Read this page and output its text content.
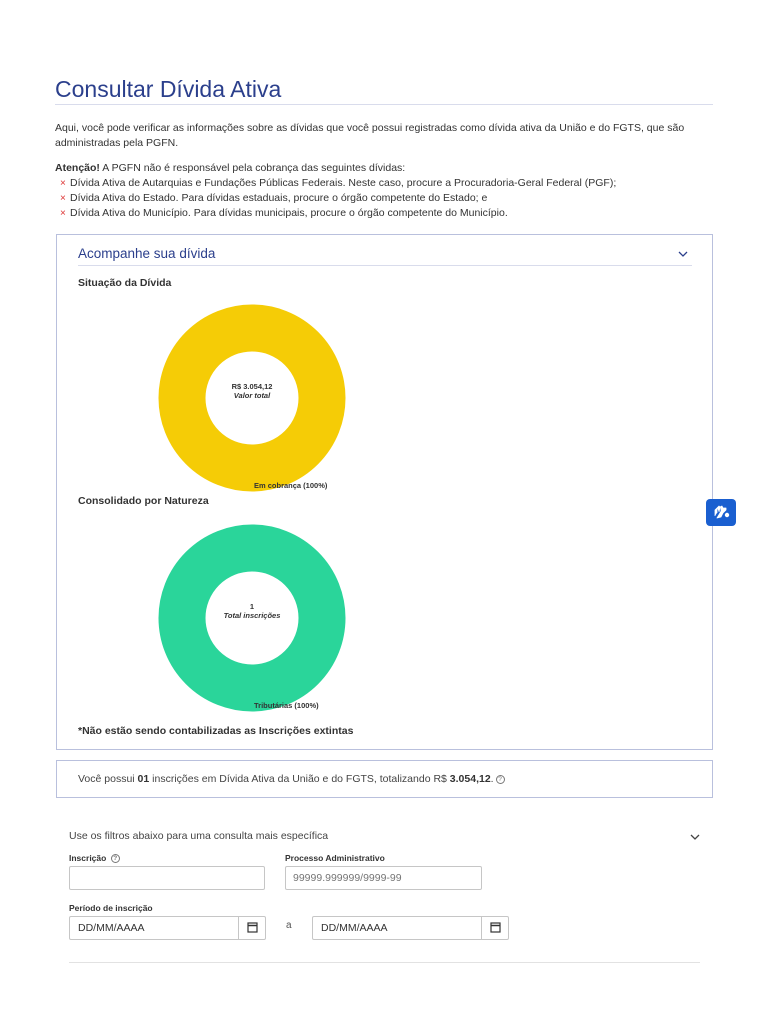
Consultar Dívida Ativa

Aqui, você pode verificar as informações sobre as dívidas que você possui registradas como dívida ativa da União e do FGTS, que são administradas pela PGFN.

Atenção! A PGFN não é responsável pela cobrança das seguintes dívidas:

× Dívida Ativa de Autarquias e Fundações Públicas Federais. Neste caso, procure a Procuradoria-Geral Federal (PGF);
× Dívida Ativa do Estado. Para dívidas estaduais, procure o órgão competente do Estado; e
× Dívida Ativa do Município. Para dívidas municipais, procure o órgão competente do Município.
Acompanhe sua dívida
Situação da Dívida
R$ 3.054,12
Valor total
Em cobrança (100%)
Consolidado por Natureza
1
Total inscrições
Tributárias (100%)
*Não estão sendo contabilizadas as Inscrições extintas
Você possui 01 inscrições em Dívida Ativa da União e do FGTS, totalizando R$ 3.054,12. ?
Use os filtros abaixo para uma consulta mais específica
Inscrição ?	Processo Administrativo
99999.999999/9999-99
Período de inscrição
DD/MM/AAAA	a	DD/MM/AAAA
